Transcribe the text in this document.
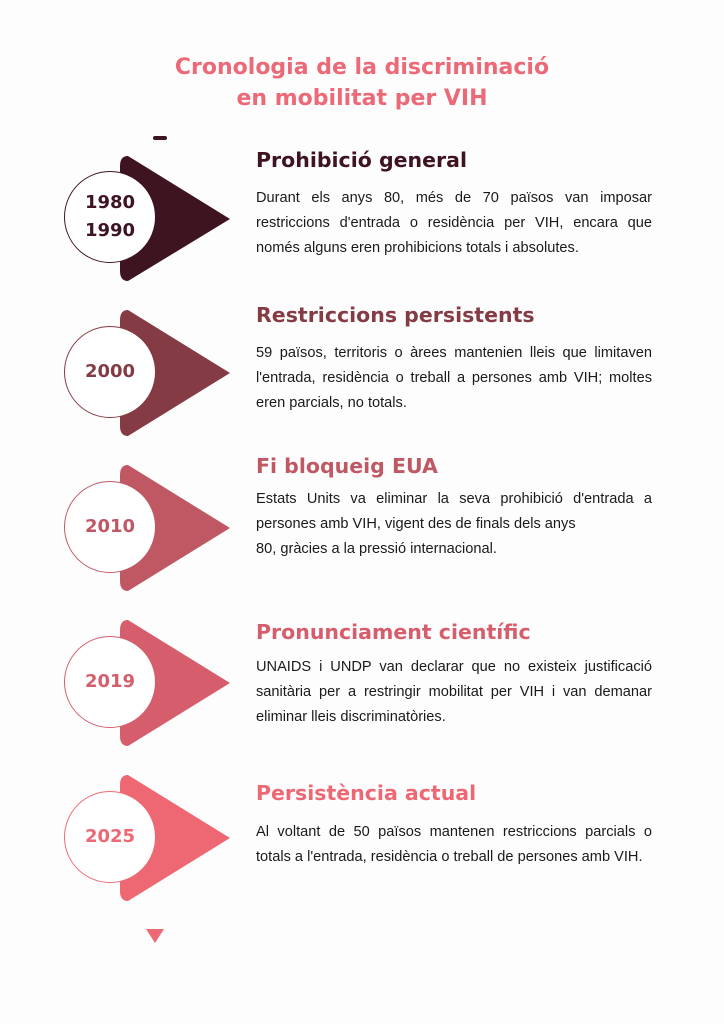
Cronologia de la discriminació
en mobilitat per VIH
1980
1990
2000
2010
2019
2025
Prohibició general

Durant els anys 80, més de 70 països van imposar restriccions d'entrada o residència per VIH, encara que només alguns eren prohibicions totals i absolutes.

Restriccions persistents

59 països, territoris o àrees mantenien lleis que limitaven l'entrada, residència o treball a persones amb VIH; moltes eren parcials, no totals.

Fi bloqueig EUA

Estats Units va eliminar la seva prohibició d'entrada a persones amb VIH, vigent des de finals dels anys

80, gràcies a la pressió internacional.

Pronunciament científic

UNAIDS i UNDP van declarar que no existeix justificació sanitària per a restringir mobilitat per VIH i van demanar eliminar lleis discriminatòries.

Persistència actual

Al voltant de 50 països mantenen restriccions parcials o totals a l'entrada, residència o treball de persones amb VIH.
